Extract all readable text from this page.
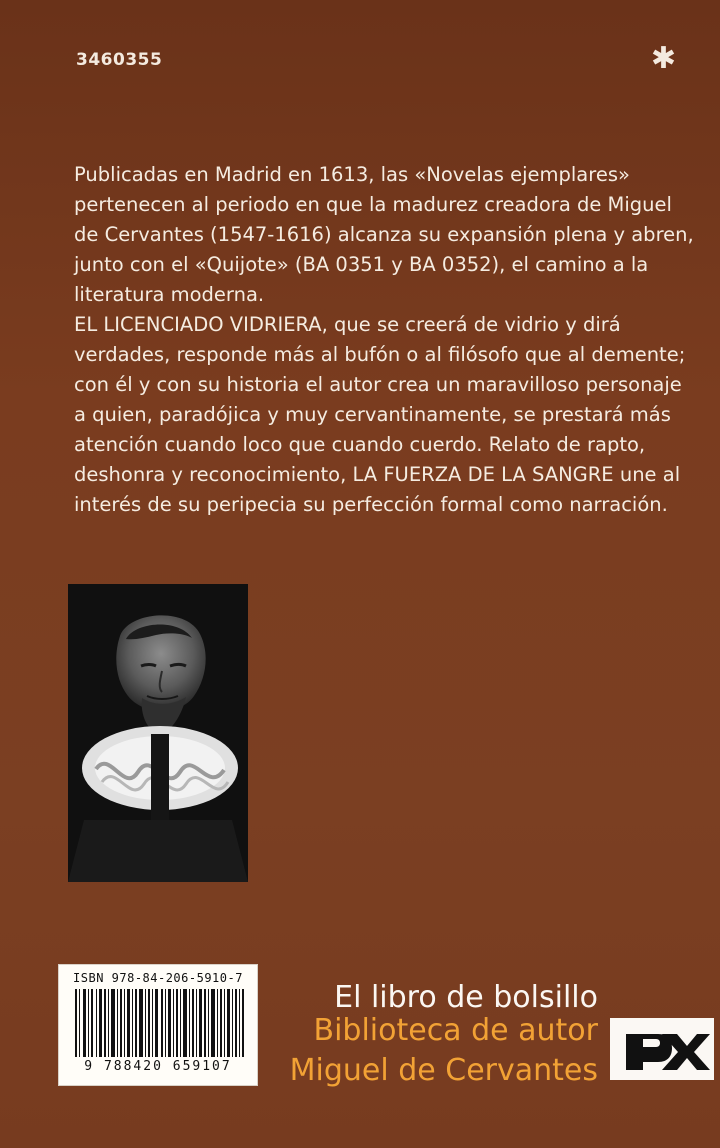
3460355	✱

Publicadas en Madrid en 1613, las «Novelas ejemplares» pertenecen al periodo en que la madurez creadora de Miguel de Cervantes (1547-1616) alcanza su expansión plena y abren, junto con el «Quijote» (BA 0351 y BA 0352), el camino a la literatura moderna.

EL LICENCIADO VIDRIERA, que se creerá de vidrio y dirá verdades, responde más al bufón o al filósofo que al demente; con él y con su historia el autor crea un maravilloso personaje a quien, paradójica y muy cervantinamente, se prestará más atención cuando loco que cuando cuerdo. Relato de rapto, deshonra y reconocimiento, LA FUERZA DE LA SANGRE une al interés de su peripecia su perfección formal como narración.

ISBN 978-84-206-5910-7
9 788420 659107
El libro de bolsillo
Biblioteca de autor
Miguel de Cervantes
